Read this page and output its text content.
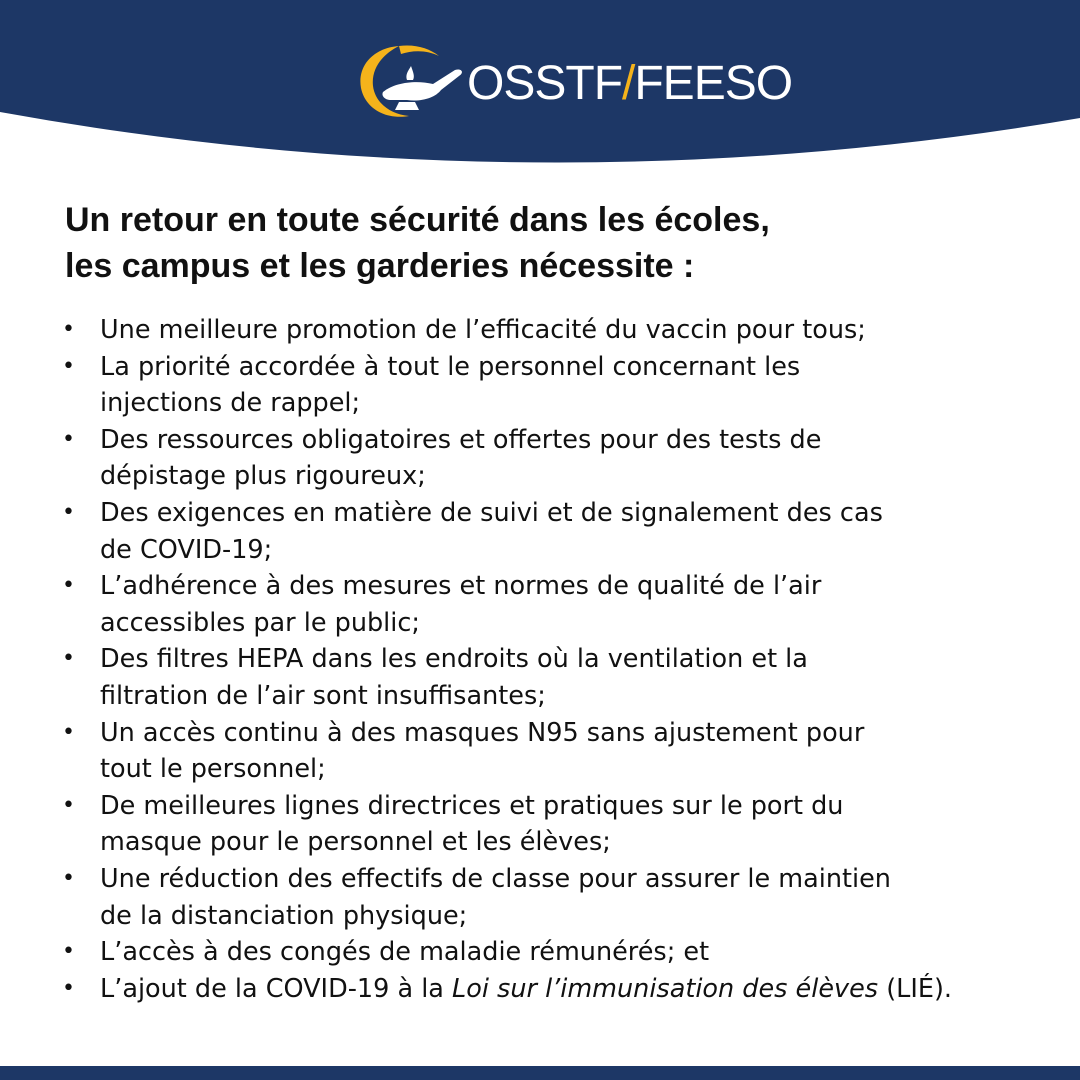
OSSTF/FEESO
Un retour en toute sécurité dans les écoles,
les campus et les garderies nécessite :
• Une meilleure promotion de l’efficacité du vaccin pour tous;
• La priorité accordée à tout le personnel concernant les
injections de rappel;
• Des ressources obligatoires et offertes pour des tests de
dépistage plus rigoureux;
• Des exigences en matière de suivi et de signalement des cas
de COVID-19;
• L’adhérence à des mesures et normes de qualité de l’air
accessibles par le public;
• Des filtres HEPA dans les endroits où la ventilation et la
filtration de l’air sont insuffisantes;
• Un accès continu à des masques N95 sans ajustement pour
tout le personnel;
• De meilleures lignes directrices et pratiques sur le port du
masque pour le personnel et les élèves;
• Une réduction des effectifs de classe pour assurer le maintien
de la distanciation physique;
• L’accès à des congés de maladie rémunérés; et
• L’ajout de la COVID-19 à la Loi sur l’immunisation des élèves (LIÉ).
